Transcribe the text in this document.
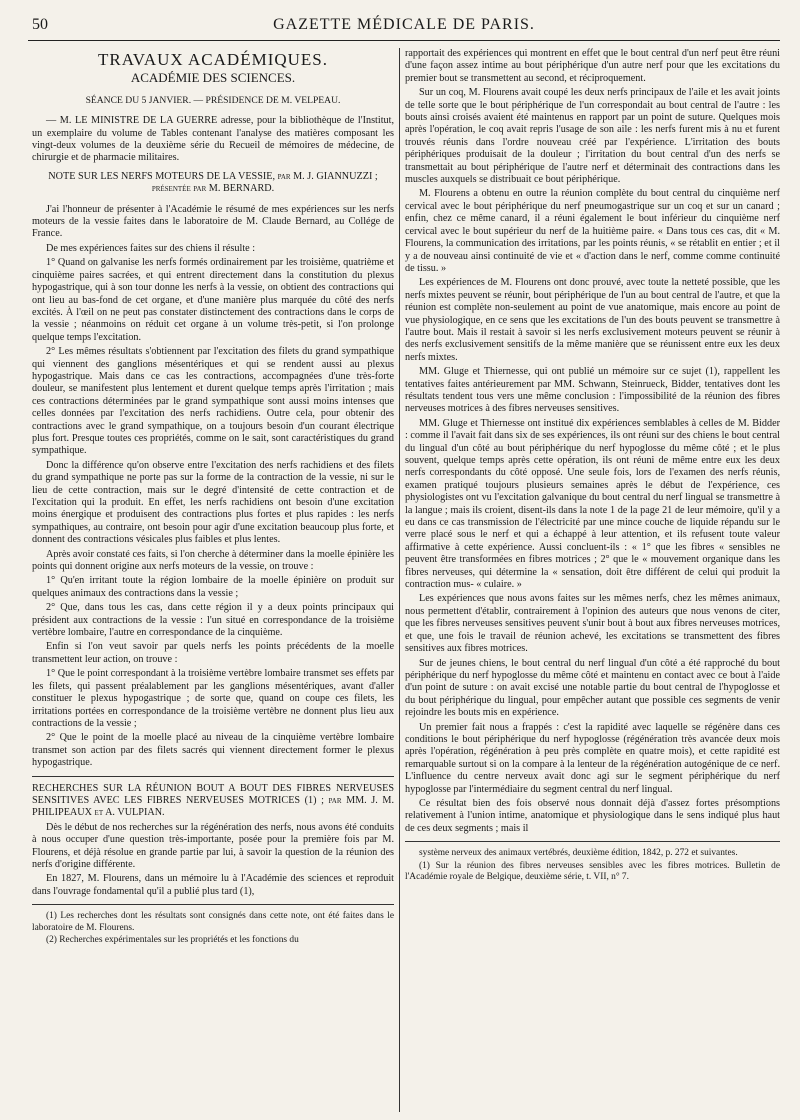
50	GAZETTE MÉDICALE DE PARIS.
TRAVAUX ACADÉMIQUES.
ACADÉMIE DES SCIENCES.
SÉANCE DU 5 JANVIER. — PRÉSIDENCE DE M. VELPEAU.

— M. LE MINISTRE DE LA GUERRE adresse, pour la bibliothèque de l'Institut, un exemplaire du volume de Tables contenant l'analyse des matières composant les vingt-deux volumes de la deuxième série du Recueil de mémoires de médecine, de chirurgie et de pharmacie militaires.

NOTE SUR LES NERFS MOTEURS DE LA VESSIE, par M. J. GIANNUZZI ; présentée par M. BERNARD.

J'ai l'honneur de présenter à l'Académie le résumé de mes expériences sur les nerfs moteurs de la vessie faites dans le laboratoire de M. Claude Bernard, au Collége de France.

De mes expériences faites sur des chiens il résulte :

1° Quand on galvanise les nerfs formés ordinairement par les troisième, quatrième et cinquième paires sacrées, et qui entrent directement dans la constitution du plexus hypogastrique, qui à son tour donne les nerfs à la vessie, on obtient des contractions qui ont lieu au bas-fond de cet organe, et d'une manière plus marquée du côté des nerfs excités. À l'œil on ne peut pas constater distinctement des contractions dans le corps de la vessie ; néanmoins on réduit cet organe à un volume très-petit, si l'on prolonge quelque temps l'excitation.

2° Les mêmes résultats s'obtiennent par l'excitation des filets du grand sympathique qui viennent des ganglions mésentériques et qui se rendent aussi au plexus hypogastrique. Mais dans ce cas les contractions, accompagnées d'une très-forte douleur, se manifestent plus lentement et durent quelque temps après l'irritation ; mais ces contractions déterminées par le grand sympathique sont aussi moins intenses que celles données par l'excitation des nerfs rachidiens. Outre cela, pour obtenir des contractions avec le grand sympathique, on a toujours besoin d'un courant électrique plus fort. Presque toutes ces propriétés, comme on le sait, sont caractéristiques du grand sympathique.

Donc la différence qu'on observe entre l'excitation des nerfs rachidiens et des filets du grand sympathique ne porte pas sur la forme de la contraction de la vessie, ni sur le lieu de cette contraction, mais sur le degré d'intensité de cette contraction et de l'excitation qui la produit. En effet, les nerfs rachidiens ont besoin d'une excitation moins énergique et produisent des contractions plus fortes et plus rapides : les nerfs sympathiques, au contraire, ont besoin pour agir d'une excitation beaucoup plus forte, et donnent des contractions vésicales plus faibles et plus lentes.

Après avoir constaté ces faits, si l'on cherche à déterminer dans la moelle épinière les points qui donnent origine aux nerfs moteurs de la vessie, on trouve :

1° Qu'en irritant toute la région lombaire de la moelle épinière on produit sur quelques animaux des contractions dans la vessie ;

2° Que, dans tous les cas, dans cette région il y a deux points principaux qui président aux contractions de la vessie : l'un situé en correspondance de la troisième vertèbre lombaire, l'autre en correspondance de la cinquième.

Enfin si l'on veut savoir par quels nerfs les points précédents de la moelle transmettent leur action, on trouve :

1° Que le point correspondant à la troisième vertèbre lombaire transmet ses effets par les filets, qui passent préalablement par les ganglions mésentériques, avant d'aller constituer le plexus hypogastrique ; de sorte que, quand on coupe ces filets, les irritations portées en correspondance de la troisième vertèbre ne donnent plus lieu aux contractions de la vessie ;

2° Que le point de la moelle placé au niveau de la cinquième vertèbre lombaire transmet son action par des filets sacrés qui viennent directement former le plexus hypogastrique.

RECHERCHES SUR LA RÉUNION BOUT A BOUT DES FIBRES NERVEUSES SENSITIVES AVEC LES FIBRES NERVEUSES MOTRICES (1) ; par MM. J. M. PHILIPEAUX et A. VULPIAN.

Dès le début de nos recherches sur la régénération des nerfs, nous avons été conduits à nous occuper d'une question très-importante, posée pour la première fois par M. Flourens, et déjà résolue en grande partie par lui, à savoir la question de la réunion des nerfs d'origine différente.

En 1827, M. Flourens, dans un mémoire lu à l'Académie des sciences et reproduit dans l'ouvrage fondamental qu'il a publié plus tard (1),

(1) Les recherches dont les résultats sont consignés dans cette note, ont été faites dans le laboratoire de M. Flourens.

(2) Recherches expérimentales sur les propriétés et les fonctions du

rapportait des expériences qui montrent en effet que le bout central d'un nerf peut être réuni d'une façon assez intime au bout périphérique d'un autre nerf pour que les excitations du premier bout se transmettent au second, et réciproquement.

Sur un coq, M. Flourens avait coupé les deux nerfs principaux de l'aile et les avait joints de telle sorte que le bout périphérique de l'un correspondait au bout central de l'autre : les bouts ainsi croisés avaient été maintenus en rapport par un point de suture. Quelques mois après l'opération, le coq avait repris l'usage de son aile : les nerfs furent mis à nu et furent trouvés réunis dans l'ordre nouveau créé par l'expérience. L'irritation des bouts périphériques produisait de la douleur ; l'irritation du bout central d'un des nerfs se transmettait au bout périphérique de l'autre nerf et déterminait des contractions dans les muscles auxquels se distribuait ce bout périphérique.

M. Flourens a obtenu en outre la réunion complète du bout central du cinquième nerf cervical avec le bout périphérique du nerf pneumogastrique sur un coq et sur un canard ; enfin, chez ce même canard, il a réuni également le bout inférieur du cinquième nerf cervical avec le bout supérieur du nerf de la huitième paire. « Dans tous ces cas, dit « M. Flourens, la communication des irritations, par les points réunis, « se rétablit en entier ; et il y a de nouveau ainsi continuité de vie et « d'action dans le nerf, comme comme continuité de tissu. »

Les expériences de M. Flourens ont donc prouvé, avec toute la netteté possible, que les nerfs mixtes peuvent se réunir, bout périphérique de l'un au bout central de l'autre, et que la réunion est complète non-seulement au point de vue anatomique, mais encore au point de vue physiologique, en ce sens que les excitations de l'un des bouts peuvent se transmettre à l'autre bout. Mais il restait à savoir si les nerfs exclusivement moteurs peuvent se réunir à des nerfs exclusivement sensitifs de la même manière que se réunissent entre eux les deux nerfs mixtes.

MM. Gluge et Thiernesse, qui ont publié un mémoire sur ce sujet (1), rappellent les tentatives faites antérieurement par MM. Schwann, Steinrueck, Bidder, tentatives dont les résultats tendent tous vers une même conclusion : l'impossibilité de la réunion des fibres nerveuses motrices à des fibres nerveuses sensitives.

MM. Gluge et Thiernesse ont institué dix expériences semblables à celles de M. Bidder : comme il l'avait fait dans six de ses expériences, ils ont réuni sur des chiens le bout central du lingual d'un côté au bout périphérique du nerf hypoglosse du même côté ; et le plus souvent, quelque temps après cette opération, ils ont réuni de même entre eux les deux nerfs correspondants du côté opposé. Une seule fois, lors de l'examen des nerfs réunis, examen pratiqué toujours plusieurs semaines après le début de l'expérience, ces physiologistes ont vu l'excitation galvanique du bout central du nerf lingual se transmettre à la langue ; mais ils croient, disent-ils dans la note 1 de la page 21 de leur mémoire, qu'il y a eu dans ce cas transmission de l'électricité par une mince couche de liquide répandu sur le verre placé sous le nerf et qui a échappé à leur attention, et ils refusent toute valeur affirmative à cette expérience. Aussi concluent-ils : « 1° que les fibres « sensibles ne peuvent être transformées en fibres motrices ; 2° que le « mouvement organique dans les fibres nerveuses, qui détermine la « sensation, doit être différent de celui qui produit la contraction mus- « culaire. »

Les expériences que nous avons faites sur les mêmes nerfs, chez les mêmes animaux, nous permettent d'établir, contrairement à l'opinion des auteurs que nous venons de citer, que les fibres nerveuses sensitives peuvent s'unir bout à bout aux fibres nerveuses motrices, et que, une fois le travail de réunion achevé, les excitations se transmettent des fibres sensitives aux fibres motrices.

Sur de jeunes chiens, le bout central du nerf lingual d'un côté a été rapproché du bout périphérique du nerf hypoglosse du même côté et maintenu en contact avec ce bout à l'aide d'un point de suture : on avait excisé une notable partie du bout central de l'hypoglosse et du bout périphérique du lingual, pour empêcher autant que possible ces segments de venir rejoindre les bouts mis en expérience.

Un premier fait nous a frappés : c'est la rapidité avec laquelle se régénère dans ces conditions le bout périphérique du nerf hypoglosse (régénération très avancée deux mois après l'opération, régénération à peu près complète en quatre mois), et cette rapidité est remarquable surtout si on la compare à la lenteur de la régénération autogénique de ce nerf. L'influence du centre nerveux avait donc agi sur le segment périphérique du nerf hypoglosse par l'intermédiaire du segment central du nerf lingual.

Ce résultat bien des fois observé nous donnait déjà d'assez fortes présomptions relativement à l'union intime, anatomique et physiologique dans le sens indiqué plus haut de ces deux segments ; mais il

système nerveux des animaux vertébrés, deuxième édition, 1842, p. 272 et suivantes.

(1) Sur la réunion des fibres nerveuses sensibles avec les fibres motrices. Bulletin de l'Académie royale de Belgique, deuxième série, t. VII, n° 7.
